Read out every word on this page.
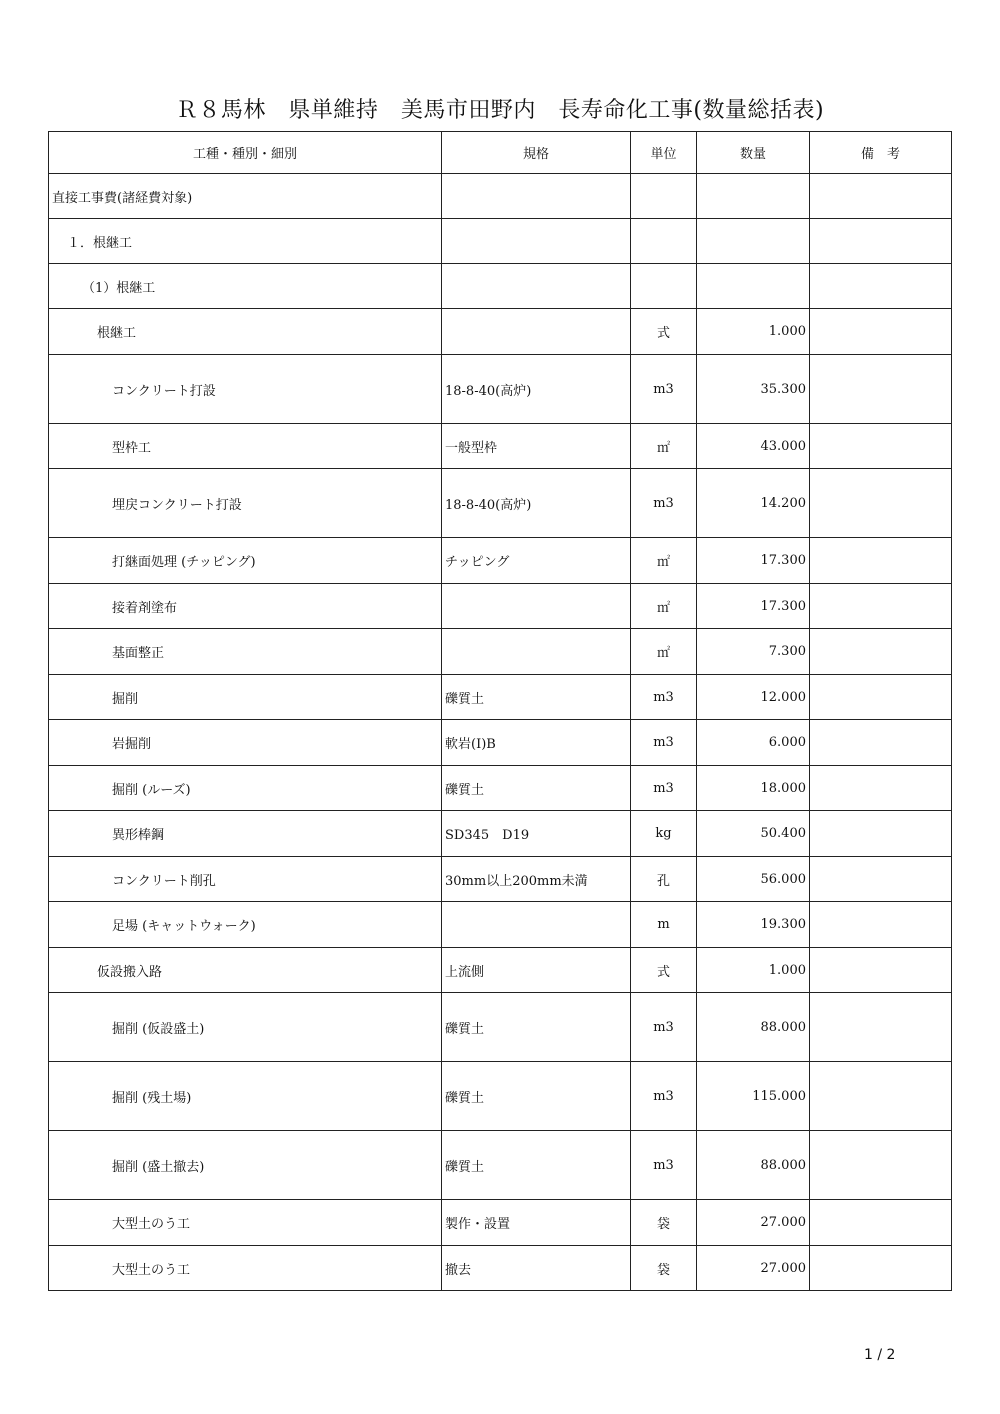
Ｒ８馬林　県単維持　美馬市田野内　長寿命化工事(数量総括表)
工種・種別・細別	規格	単位	数量	備　考
直接工事費(諸経費対象)				
１．根継工				
（1）根継工				
根継工		式	1.000	
コンクリート打設	18-8-40(高炉)	m3	35.300	
型枠工	一般型枠	㎡	43.000	
埋戻コンクリート打設	18-8-40(高炉)	m3	14.200	
打継面処理 (チッピング)	チッピング	㎡	17.300	
接着剤塗布		㎡	17.300	
基面整正		㎡	7.300	
掘削	礫質土	m3	12.000	
岩掘削	軟岩(Ⅰ)B	m3	6.000	
掘削 (ルーズ)	礫質土	m3	18.000	
異形棒鋼	SD345　D19	kg	50.400	
コンクリート削孔	30mm以上200mm未満	孔	56.000	
足場 (キャットウォーク)		m	19.300	
仮設搬入路	上流側	式	1.000	
掘削 (仮設盛土)	礫質土	m3	88.000	
掘削 (残土場)	礫質土	m3	115.000	
掘削 (盛土撤去)	礫質土	m3	88.000	
大型土のう工	製作・設置	袋	27.000	
大型土のう工	撤去	袋	27.000	
1 / 2
